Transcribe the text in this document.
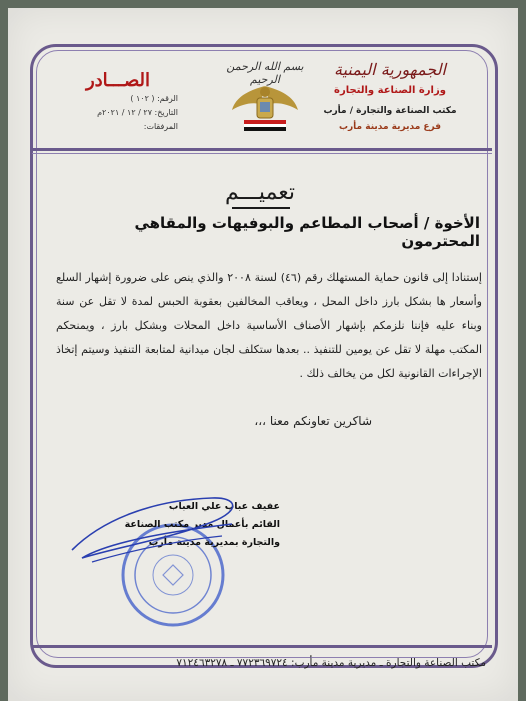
الجمهورية اليمنية
وزارة الصناعة والتجارة
مكتب الصناعة والتجارة / مأرب
فرع مديرية مدينة مأرب
بسم الله الرحمن الرحيم
الصـــادر
الرقم: ( ١٠٢ )
التاريخ: ٢٧ / ١٢ / ٢٠٢١م
المرفقات:
تعميـــم
الأخوة / أصحاب المطاعم والبوفيهات والمقاهي المحترمون
إستنادا إلى قانون حماية المستهلك رقم (٤٦) لسنة ٢٠٠٨ والذي ينص على ضرورة إشهار السلع وأسعار ها بشكل بارز داخل المحل ، ويعاقب المخالفين بعقوبة الحبس لمدة لا تقل عن سنة وبناء عليه فإننا نلزمكم بإشهار الأصناف الأساسية داخل المحلات وبشكل بارز ، ويمنحكم المكتب مهلة لا تقل عن يومين للتنفيذ .. بعدها ستكلف لجان ميدانية لمتابعة التنفيذ وسيتم إتخاذ الإجراءات القانونية لكل من يخالف ذلك .
شاكرين تعاونكم معنا ،،،
عفيف عباب علي العباب
القائم بأعمال مدير مكتب الصناعة
والتجارة بمديرية مدينة مأرب
مكتب الصناعة والتجارة ـ مديرية مدينة مأرب: ٧٧٢٣٦٩٧٢٤ ـ ٧١٢٤٦٣٢٧٨
